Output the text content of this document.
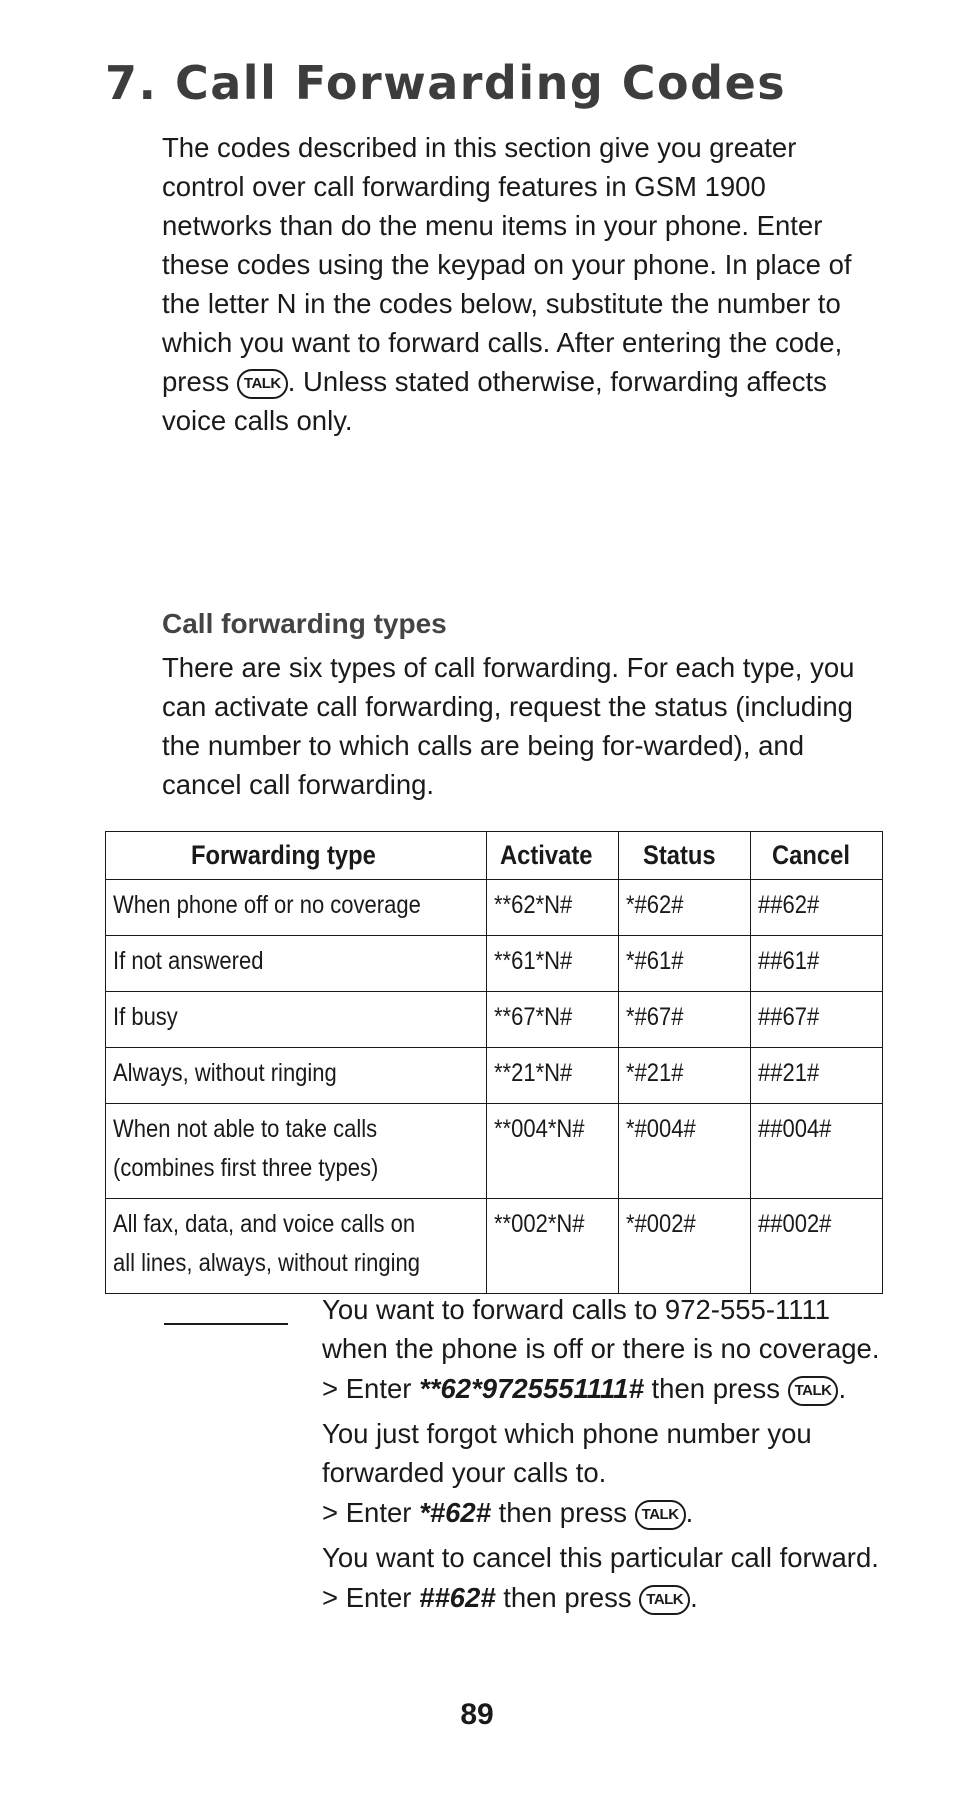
7. Call Forwarding Codes

The codes described in this section give you greater control over call forwarding features in GSM 1900 networks than do the menu items in your phone. Enter these codes using the keypad on your phone. In place of the letter N in the codes below, substitute the number to which you want to forward calls. After entering the code, press TALK . Unless stated otherwise, forwarding affects voice calls only.

Call forwarding types

There are six types of call forwarding. For each type, you can activate call forwarding, request the status (including the number to which calls are being for-warded), and cancel call forwarding.

Forwarding type	Activate	Status	Cancel
When phone off or no coverage	**62*N#	*#62#	##62#
If not answered	**61*N#	*#61#	##61#
If busy	**67*N#	*#67#	##67#
Always, without ringing	**21*N#	*#21#	##21#
When not able to take calls
(combines first three types)	**004*N#	*#004#	##004#
All fax, data, and voice calls on
all lines, always, without ringing	**002*N#	*#002#	##002#

You want to forward calls to 972-555-1111 when the phone is off or there is no coverage.

> Enter **62*9725551111# then press TALK .

You just forgot which phone number you forwarded your calls to.

> Enter *#62# then press TALK .

You want to cancel this particular call forward.

> Enter ##62# then press TALK .

89
